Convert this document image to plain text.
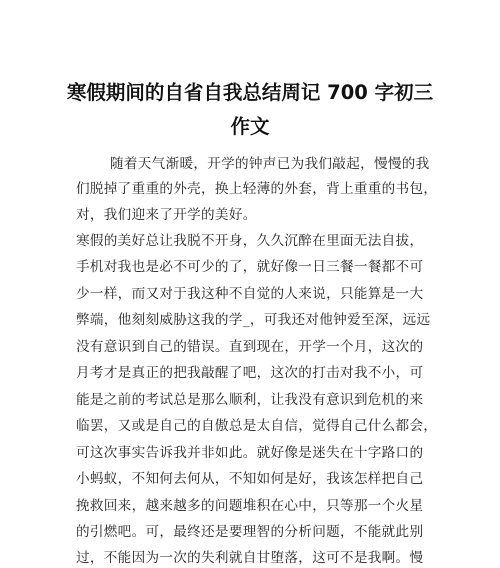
寒假期间的自省自我总结周记 700 字初三
作文
随着天气渐暖，开学的钟声已为我们敲起，慢慢的我
们脱掉了重重的外壳，换上轻薄的外套，背上重重的书包，
对，我们迎来了开学的美好。
寒假的美好总让我脱不开身，久久沉醉在里面无法自拔，
手机对我也是必不可少的了，就好像一日三餐一餐都不可
少一样，而又对于我这种不自觉的人来说，只能算是一大
弊端，他刻刻威胁这我的学_，可我还对他钟爱至深，远远
没有意识到自己的错误。直到现在，开学一个月，这次的
月考才是真正的把我敲醒了吧，这次的打击对我不小，可
能是之前的考试总是那么顺利，让我没有意识到危机的来
临罢，又或是自己的自傲总是太自信，觉得自己什么都会，
可这次事实告诉我并非如此。就好像是迷失在十字路口的
小蚂蚁，不知何去何从，不知如何是好，我该怎样把自己
挽救回来，越来越多的问题堆积在心中，只等那一个火星
的引燃吧。可，最终还是要理智的分析问题，不能就此别
过，不能因为一次的失利就自甘堕落，这可不是我啊。慢
